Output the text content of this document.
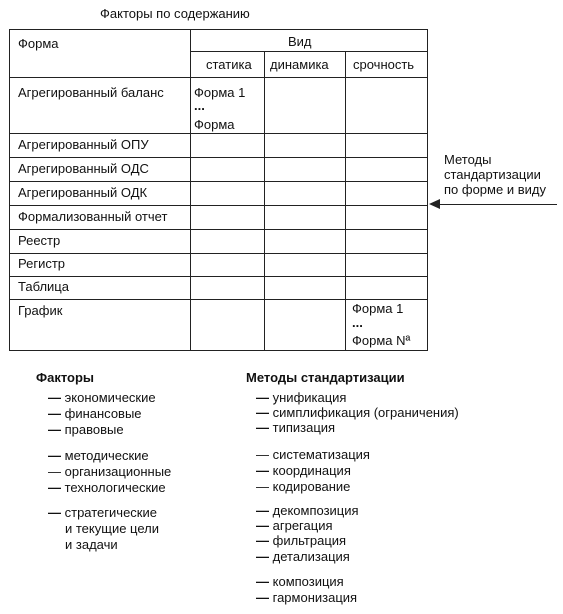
Факторы по содержанию
Форма	Вид
статика динамика срочность
Агрегированный баланс
Агрегированный ОПУ
Агрегированный ОДС
Агрегированный ОДК
Формализованный отчет
Реестр
Регистр
Таблица
График
Форма 1
...
Форма
Форма 1
...
Форма Nª
Методы
стандартизации
по форме и виду
Факторы
— экономические
— финансовые
— правовые
— методические
— организационные
— технологические
— стратегические
и текущие цели
и задачи
Методы стандартизации
— унификация
— симплификация (ограничения)
— типизация
— систематизация
— координация
— кодирование
— декомпозиция
— агрегация
— фильтрация
— детализация
— композиция
— гармонизация
